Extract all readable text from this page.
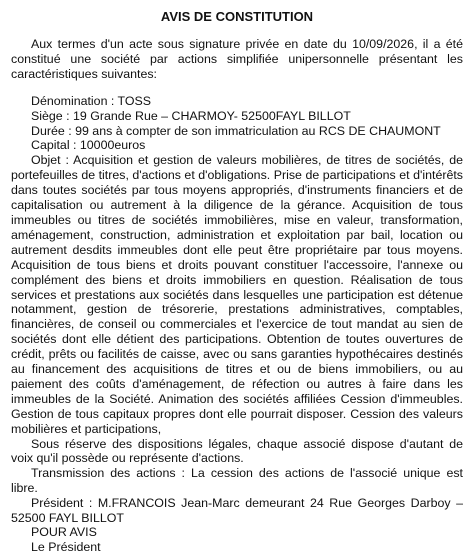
AVIS DE CONSTITUTION

Aux termes d'un acte sous signature privée en date du 10/09/2026, il a été constitué une société par actions simplifiée unipersonnelle présentant les caractéristiques suivantes:

Dénomination : TOSS
Siège : 19 Grande Rue – CHARMOY- 52500FAYL BILLOT
Durée : 99 ans à compter de son immatriculation au RCS DE CHAUMONT
Capital : 10000euros

Objet : Acquisition et gestion de valeurs mobilières, de titres de sociétés, de portefeuilles de titres, d'actions et d'obligations. Prise de participations et d'intérêts dans toutes sociétés par tous moyens appropriés, d'instruments financiers et de capitalisation ou autrement à la diligence de la gérance. Acquisition de tous immeubles ou titres de sociétés immobilières, mise en valeur, transformation, aménagement, construction, administration et exploitation par bail, location ou autrement desdits immeubles dont elle peut être propriétaire par tous moyens. Acquisition de tous biens et droits pouvant constituer l'accessoire, l'annexe ou complément des biens et droits immobiliers en question. Réalisation de tous services et prestations aux sociétés dans lesquelles une participation est détenue notamment, gestion de trésorerie, prestations administratives, comptables, financières, de conseil ou commerciales et l'exercice de tout mandat au sien de sociétés dont elle détient des participations. Obtention de toutes ouvertures de crédit, prêts ou facilités de caisse, avec ou sans garanties hypothécaires destinés au financement des acquisitions de titres et ou de biens immobiliers, ou au paiement des coûts d'aménagement, de réfection ou autres à faire dans les immeubles de la Société. Animation des sociétés affiliées Cession d'immeubles. Gestion de tous capitaux propres dont elle pourrait disposer. Cession des valeurs mobilières et participations,

Sous réserve des dispositions légales, chaque associé dispose d'autant de voix qu'il possède ou représente d'actions.

Transmission des actions : La cession des actions de l'associé unique est libre.

Président : M.FRANCOIS Jean-Marc demeurant 24 Rue Georges Darboy – 52500 FAYL BILLOT

POUR AVIS
Le Président
